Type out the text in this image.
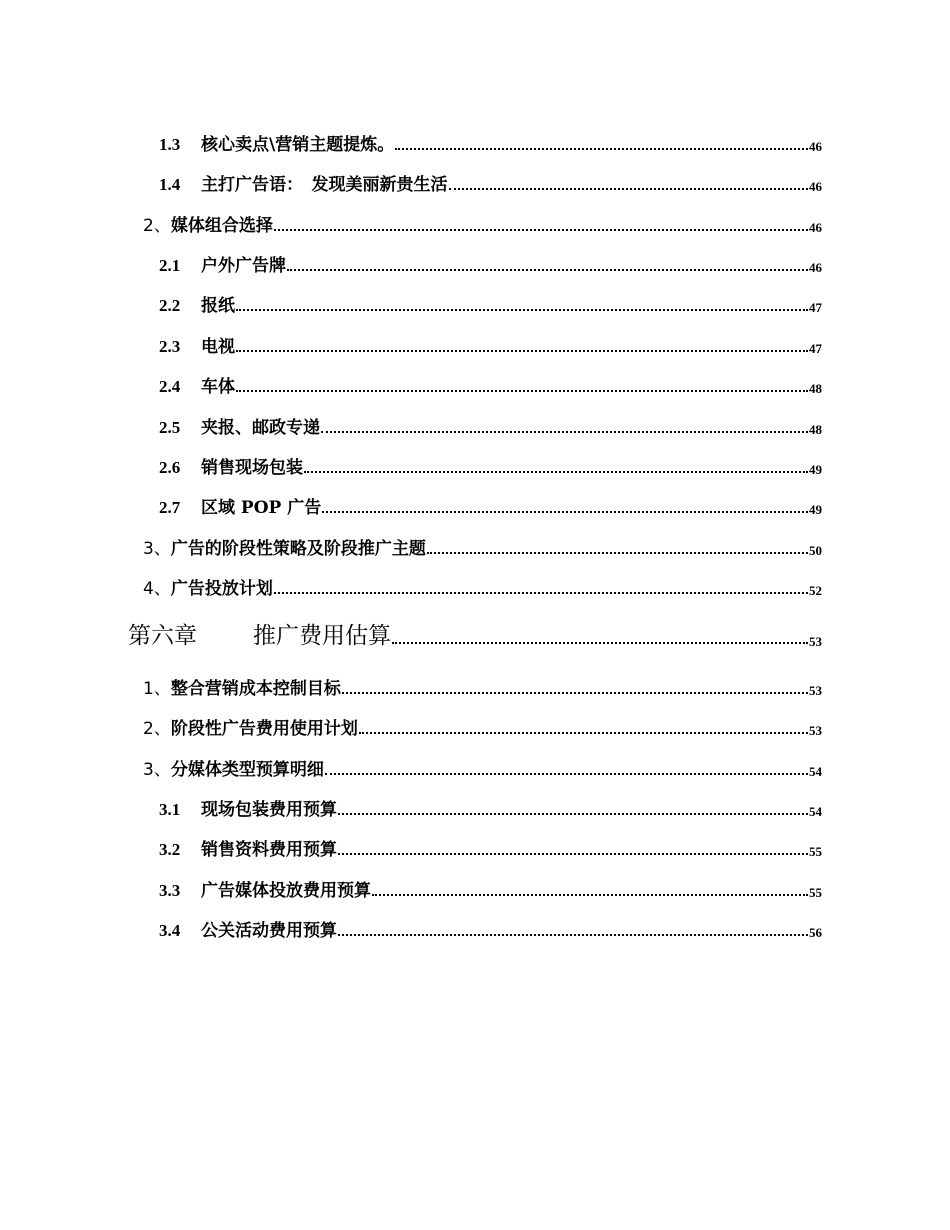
1.3	核心卖点\营销主题提炼。	46
1.4	主打广告语：　发现美丽新贵生活	46
2、 媒体组合选择	46
2.1	户外广告牌	46
2.2	报纸	47
2.3	电视	47
2.4	车体	48
2.5	夹报、邮政专递	48
2.6	销售现场包装	49
2.7	区域 POP 广告	49
3、 广告的阶段性策略及阶段推广主题	50
4、 广告投放计划	52
第六章	推广费用估算	53
1、 整合营销成本控制目标	53
2、 阶段性广告费用使用计划	53
3、 分媒体类型预算明细	54
3.1	现场包装费用预算	54
3.2	销售资料费用预算	55
3.3	广告媒体投放费用预算	55
3.4	公关活动费用预算	56
